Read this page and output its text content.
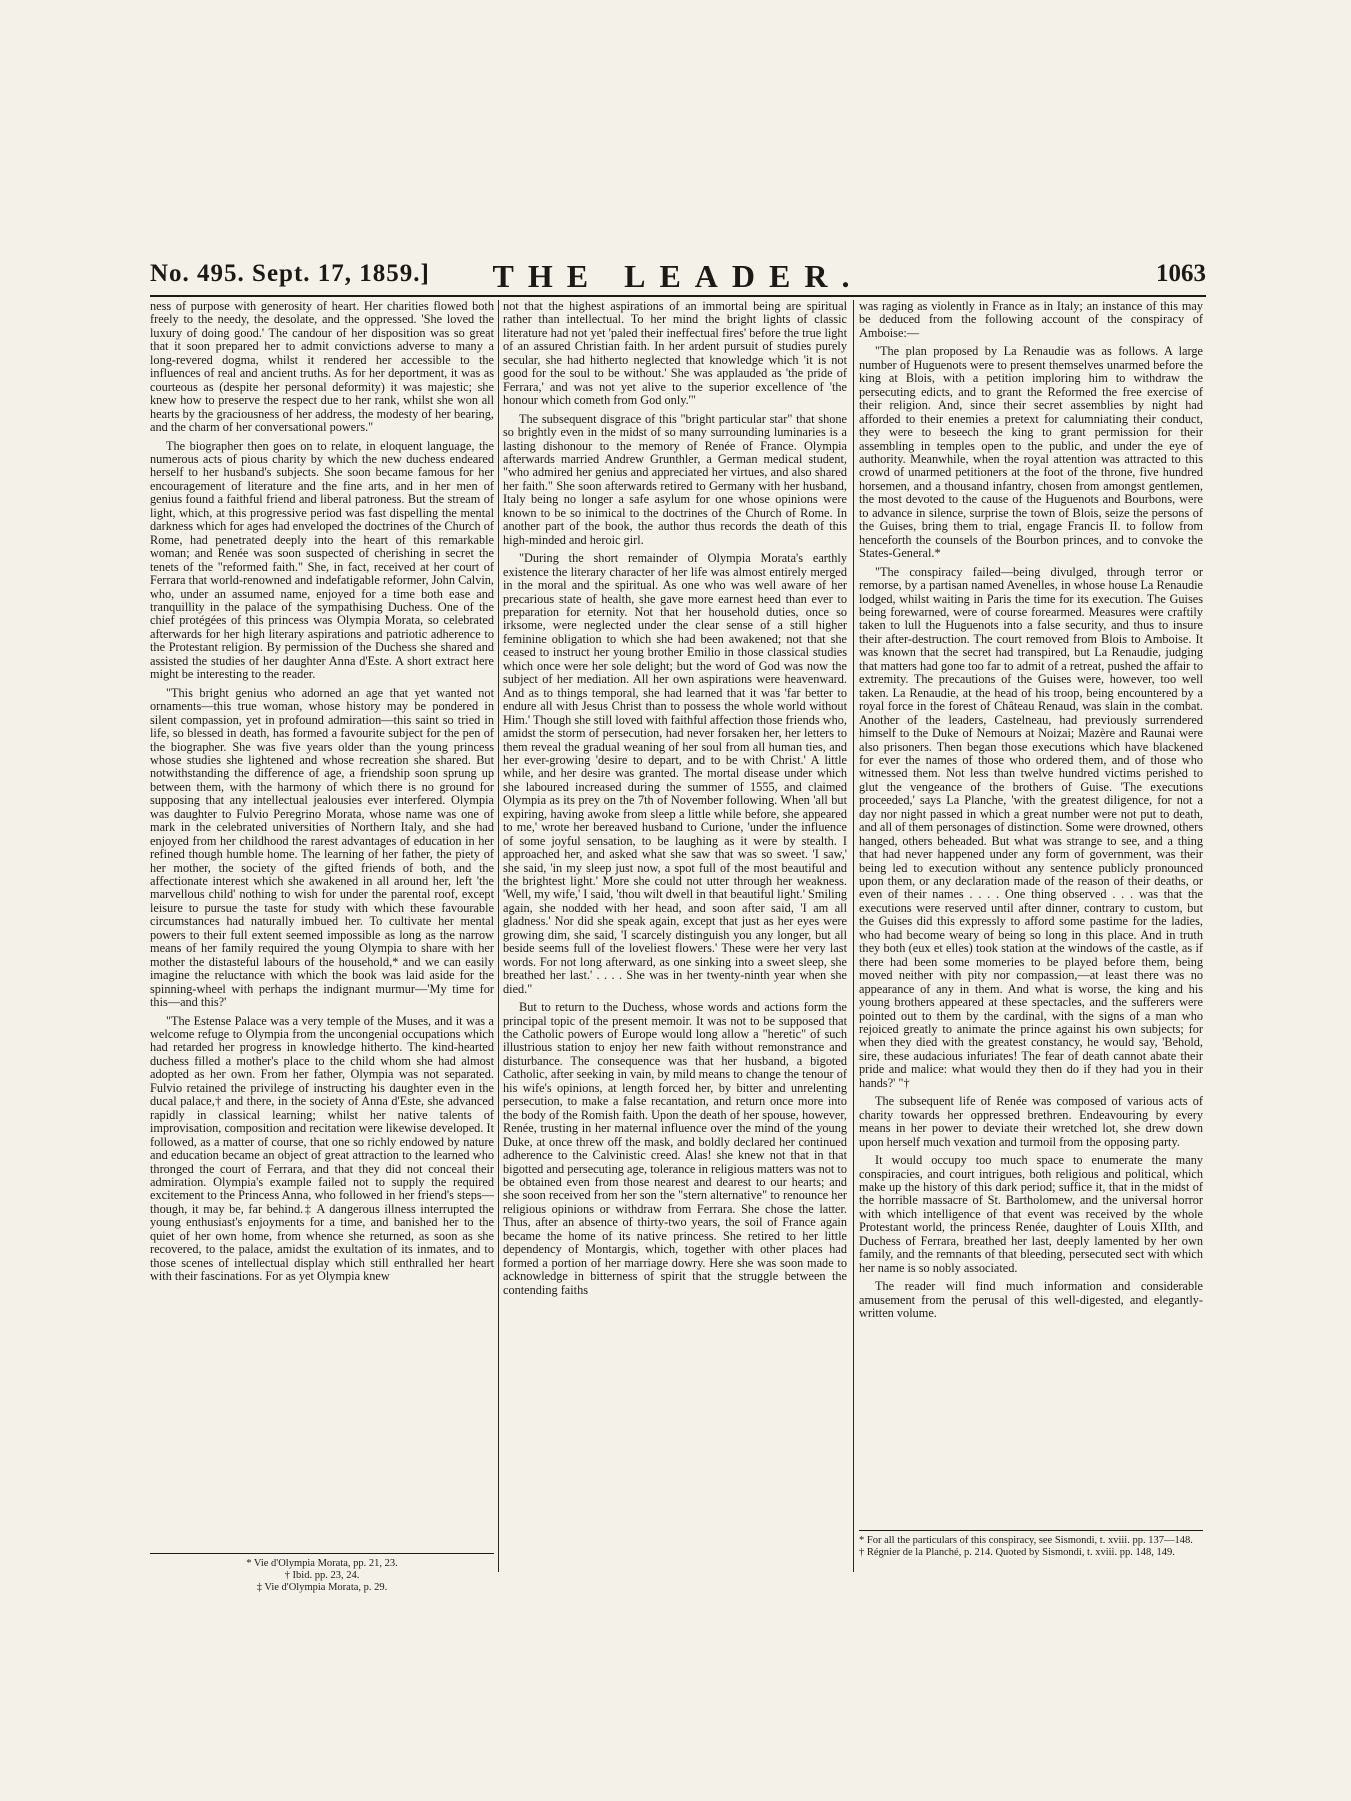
No. 495. Sept. 17, 1859.]	THE LEADER.	1063

ness of purpose with generosity of heart. Her charities flowed both freely to the needy, the desolate, and the oppressed. 'She loved the luxury of doing good.' The candour of her disposition was so great that it soon prepared her to admit convictions adverse to many a long-revered dogma, whilst it rendered her accessible to the influences of real and ancient truths. As for her deportment, it was as courteous as (despite her personal deformity) it was majestic; she knew how to preserve the respect due to her rank, whilst she won all hearts by the graciousness of her address, the modesty of her bearing, and the charm of her conversational powers."

The biographer then goes on to relate, in eloquent language, the numerous acts of pious charity by which the new duchess endeared herself to her husband's subjects. She soon became famous for her encouragement of literature and the fine arts, and in her men of genius found a faithful friend and liberal patroness. But the stream of light, which, at this progressive period was fast dispelling the mental darkness which for ages had enveloped the doctrines of the Church of Rome, had penetrated deeply into the heart of this remarkable woman; and Renée was soon suspected of cherishing in secret the tenets of the "reformed faith." She, in fact, received at her court of Ferrara that world-renowned and indefatigable reformer, John Calvin, who, under an assumed name, enjoyed for a time both ease and tranquillity in the palace of the sympathising Duchess. One of the chief protégées of this princess was Olympia Morata, so celebrated afterwards for her high literary aspirations and patriotic adherence to the Protestant religion. By permission of the Duchess she shared and assisted the studies of her daughter Anna d'Este. A short extract here might be interesting to the reader.

"This bright genius who adorned an age that yet wanted not ornaments—this true woman, whose history may be pondered in silent compassion, yet in profound admiration—this saint so tried in life, so blessed in death, has formed a favourite subject for the pen of the biographer. She was five years older than the young princess whose studies she lightened and whose recreation she shared. But notwithstanding the difference of age, a friendship soon sprung up between them, with the harmony of which there is no ground for supposing that any intellectual jealousies ever interfered. Olympia was daughter to Fulvio Peregrino Morata, whose name was one of mark in the celebrated universities of Northern Italy, and she had enjoyed from her childhood the rarest advantages of education in her refined though humble home. The learning of her father, the piety of her mother, the society of the gifted friends of both, and the affectionate interest which she awakened in all around her, left 'the marvellous child' nothing to wish for under the parental roof, except leisure to pursue the taste for study with which these favourable circumstances had naturally imbued her. To cultivate her mental powers to their full extent seemed impossible as long as the narrow means of her family required the young Olympia to share with her mother the distasteful labours of the household,* and we can easily imagine the reluctance with which the book was laid aside for the spinning-wheel with perhaps the indignant murmur—'My time for this—and this?'

"The Estense Palace was a very temple of the Muses, and it was a welcome refuge to Olympia from the uncongenial occupations which had retarded her progress in knowledge hitherto. The kind-hearted duchess filled a mother's place to the child whom she had almost adopted as her own. From her father, Olympia was not separated. Fulvio retained the privilege of instructing his daughter even in the ducal palace,† and there, in the society of Anna d'Este, she advanced rapidly in classical learning; whilst her native talents of improvisation, composition and recitation were likewise developed. It followed, as a matter of course, that one so richly endowed by nature and education became an object of great attraction to the learned who thronged the court of Ferrara, and that they did not conceal their admiration. Olympia's example failed not to supply the required excitement to the Princess Anna, who followed in her friend's steps—though, it may be, far behind.‡ A dangerous illness interrupted the young enthusiast's enjoyments for a time, and banished her to the quiet of her own home, from whence she returned, as soon as she recovered, to the palace, amidst the exultation of its inmates, and to those scenes of intellectual display which still enthralled her heart with their fascinations. For as yet Olympia knew

not that the highest aspirations of an immortal being are spiritual rather than intellectual. To her mind the bright lights of classic literature had not yet 'paled their ineffectual fires' before the true light of an assured Christian faith. In her ardent pursuit of studies purely secular, she had hitherto neglected that knowledge which 'it is not good for the soul to be without.' She was applauded as 'the pride of Ferrara,' and was not yet alive to the superior excellence of 'the honour which cometh from God only.'"

The subsequent disgrace of this "bright particular star" that shone so brightly even in the midst of so many surrounding luminaries is a lasting dishonour to the memory of Renée of France. Olympia afterwards married Andrew Grunthler, a German medical student, "who admired her genius and appreciated her virtues, and also shared her faith." She soon afterwards retired to Germany with her husband, Italy being no longer a safe asylum for one whose opinions were known to be so inimical to the doctrines of the Church of Rome. In another part of the book, the author thus records the death of this high-minded and heroic girl.

"During the short remainder of Olympia Morata's earthly existence the literary character of her life was almost entirely merged in the moral and the spiritual. As one who was well aware of her precarious state of health, she gave more earnest heed than ever to preparation for eternity. Not that her household duties, once so irksome, were neglected under the clear sense of a still higher feminine obligation to which she had been awakened; not that she ceased to instruct her young brother Emilio in those classical studies which once were her sole delight; but the word of God was now the subject of her mediation. All her own aspirations were heavenward. And as to things temporal, she had learned that it was 'far better to endure all with Jesus Christ than to possess the whole world without Him.' Though she still loved with faithful affection those friends who, amidst the storm of persecution, had never forsaken her, her letters to them reveal the gradual weaning of her soul from all human ties, and her ever-growing 'desire to depart, and to be with Christ.' A little while, and her desire was granted. The mortal disease under which she laboured increased during the summer of 1555, and claimed Olympia as its prey on the 7th of November following. When 'all but expiring, having awoke from sleep a little while before, she appeared to me,' wrote her bereaved husband to Curione, 'under the influence of some joyful sensation, to be laughing as it were by stealth. I approached her, and asked what she saw that was so sweet. 'I saw,' she said, 'in my sleep just now, a spot full of the most beautiful and the brightest light.' More she could not utter through her weakness. 'Well, my wife,' I said, 'thou wilt dwell in that beautiful light.' Smiling again, she nodded with her head, and soon after said, 'I am all gladness.' Nor did she speak again, except that just as her eyes were growing dim, she said, 'I scarcely distinguish you any longer, but all beside seems full of the loveliest flowers.' These were her very last words. For not long afterward, as one sinking into a sweet sleep, she breathed her last.' . . . . She was in her twenty-ninth year when she died."

But to return to the Duchess, whose words and actions form the principal topic of the present memoir. It was not to be supposed that the Catholic powers of Europe would long allow a "heretic" of such illustrious station to enjoy her new faith without remonstrance and disturbance. The consequence was that her husband, a bigoted Catholic, after seeking in vain, by mild means to change the tenour of his wife's opinions, at length forced her, by bitter and unrelenting persecution, to make a false recantation, and return once more into the body of the Romish faith. Upon the death of her spouse, however, Renée, trusting in her maternal influence over the mind of the young Duke, at once threw off the mask, and boldly declared her continued adherence to the Calvinistic creed. Alas! she knew not that in that bigotted and persecuting age, tolerance in religious matters was not to be obtained even from those nearest and dearest to our hearts; and she soon received from her son the "stern alternative" to renounce her religious opinions or withdraw from Ferrara. She chose the latter. Thus, after an absence of thirty-two years, the soil of France again became the home of its native princess. She retired to her little dependency of Montargis, which, together with other places had formed a portion of her marriage dowry. Here she was soon made to acknowledge in bitterness of spirit that the struggle between the contending faiths

was raging as violently in France as in Italy; an instance of this may be deduced from the following account of the conspiracy of Amboise:—

"The plan proposed by La Renaudie was as follows. A large number of Huguenots were to present themselves unarmed before the king at Blois, with a petition imploring him to withdraw the persecuting edicts, and to grant the Reformed the free exercise of their religion. And, since their secret assemblies by night had afforded to their enemies a pretext for calumniating their conduct, they were to beseech the king to grant permission for their assembling in temples open to the public, and under the eye of authority. Meanwhile, when the royal attention was attracted to this crowd of unarmed petitioners at the foot of the throne, five hundred horsemen, and a thousand infantry, chosen from amongst gentlemen, the most devoted to the cause of the Huguenots and Bourbons, were to advance in silence, surprise the town of Blois, seize the persons of the Guises, bring them to trial, engage Francis II. to follow from henceforth the counsels of the Bourbon princes, and to convoke the States-General.*

"The conspiracy failed—being divulged, through terror or remorse, by a partisan named Avenelles, in whose house La Renaudie lodged, whilst waiting in Paris the time for its execution. The Guises being forewarned, were of course forearmed. Measures were craftily taken to lull the Huguenots into a false security, and thus to insure their after-destruction. The court removed from Blois to Amboise. It was known that the secret had transpired, but La Renaudie, judging that matters had gone too far to admit of a retreat, pushed the affair to extremity. The precautions of the Guises were, however, too well taken. La Renaudie, at the head of his troop, being encountered by a royal force in the forest of Château Renaud, was slain in the combat. Another of the leaders, Castelneau, had previously surrendered himself to the Duke of Nemours at Noizai; Mazère and Raunai were also prisoners. Then began those executions which have blackened for ever the names of those who ordered them, and of those who witnessed them. Not less than twelve hundred victims perished to glut the vengeance of the brothers of Guise. 'The executions proceeded,' says La Planche, 'with the greatest diligence, for not a day nor night passed in which a great number were not put to death, and all of them personages of distinction. Some were drowned, others hanged, others beheaded. But what was strange to see, and a thing that had never happened under any form of government, was their being led to execution without any sentence publicly pronounced upon them, or any declaration made of the reason of their deaths, or even of their names . . . . One thing observed . . . was that the executions were reserved until after dinner, contrary to custom, but the Guises did this expressly to afford some pastime for the ladies, who had become weary of being so long in this place. And in truth they both (eux et elles) took station at the windows of the castle, as if there had been some momeries to be played before them, being moved neither with pity nor compassion,—at least there was no appearance of any in them. And what is worse, the king and his young brothers appeared at these spectacles, and the sufferers were pointed out to them by the cardinal, with the signs of a man who rejoiced greatly to animate the prince against his own subjects; for when they died with the greatest constancy, he would say, 'Behold, sire, these audacious infuriates! The fear of death cannot abate their pride and malice: what would they then do if they had you in their hands?' "†

The subsequent life of Renée was composed of various acts of charity towards her oppressed brethren. Endeavouring by every means in her power to deviate their wretched lot, she drew down upon herself much vexation and turmoil from the opposing party.

It would occupy too much space to enumerate the many conspiracies, and court intrigues, both religious and political, which make up the history of this dark period; suffice it, that in the midst of the horrible massacre of St. Bartholomew, and the universal horror with which intelligence of that event was received by the whole Protestant world, the princess Renée, daughter of Louis XIIth, and Duchess of Ferrara, breathed her last, deeply lamented by her own family, and the remnants of that bleeding, persecuted sect with which her name is so nobly associated.

The reader will find much information and considerable amusement from the perusal of this well-digested, and elegantly-written volume.

* Vie d'Olympia Morata, pp. 21, 23.
† Ibid. pp. 23, 24.
‡ Vie d'Olympia Morata, p. 29.
* For all the particulars of this conspiracy, see Sismondi, t. xviii. pp. 137—148.
† Régnier de la Planché, p. 214. Quoted by Sismondi, t. xviii. pp. 148, 149.
